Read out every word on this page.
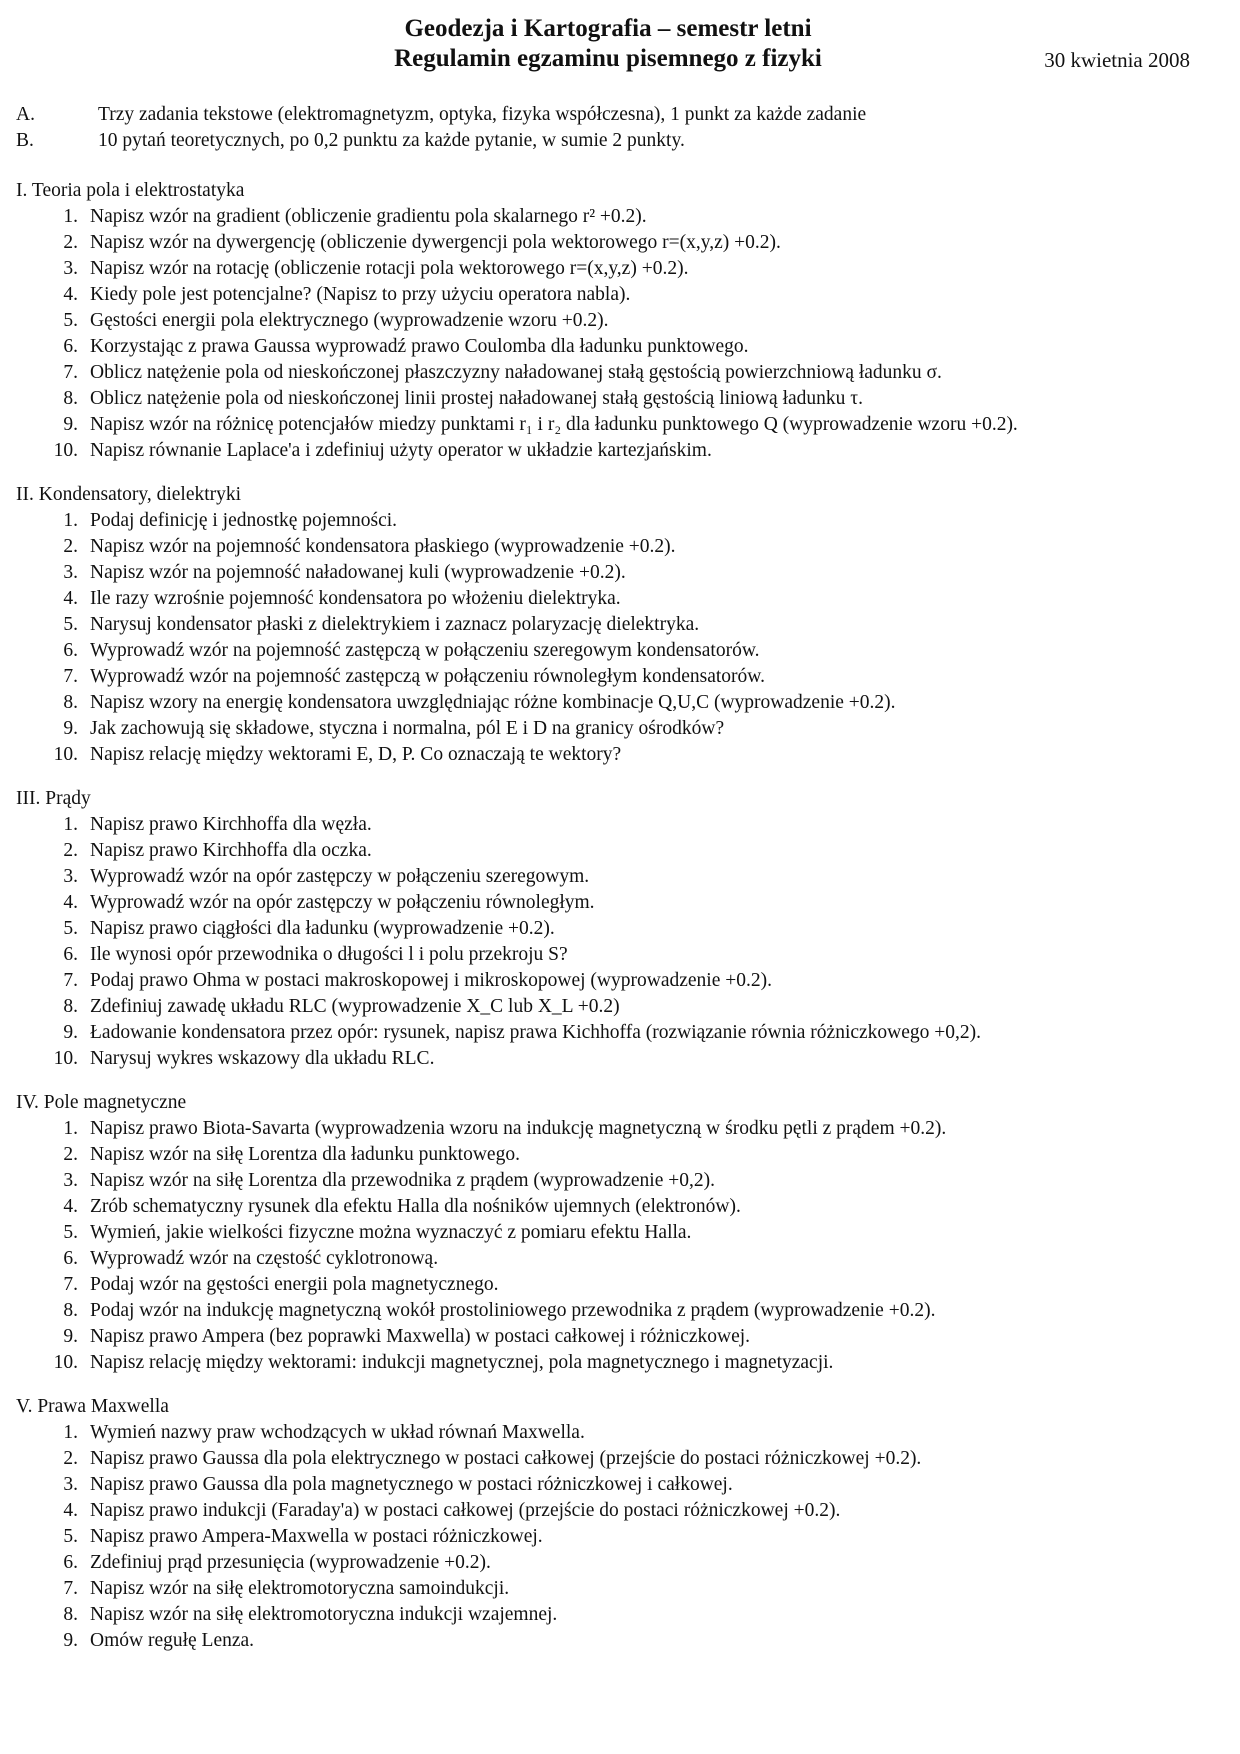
Geodezja i Kartografia – semestr letni
Regulamin egzaminu pisemnego z fizyki	30 kwietnia 2008
A.	Trzy zadania tekstowe (elektromagnetyzm, optyka, fizyka współczesna), 1 punkt za każde zadanie
B.	10 pytań teoretycznych, po 0,2 punktu za każde pytanie, w sumie 2 punkty.
I. Teoria pola i elektrostatyka
1. Napisz wzór na gradient (obliczenie gradientu pola skalarnego r² +0.2).
2. Napisz wzór na dywergencję (obliczenie dywergencji pola wektorowego r=(x,y,z) +0.2).
3. Napisz wzór na rotację (obliczenie rotacji pola wektorowego r=(x,y,z) +0.2).
4. Kiedy pole jest potencjalne? (Napisz to przy użyciu operatora nabla).
5. Gęstości energii pola elektrycznego (wyprowadzenie wzoru +0.2).
6. Korzystając z prawa Gaussa wyprowadź prawo Coulomba dla ładunku punktowego.
7. Oblicz natężenie pola od nieskończonej płaszczyzny naładowanej stałą gęstością powierzchniową ładunku σ.
8. Oblicz natężenie pola od nieskończonej linii prostej naładowanej stałą gęstością liniową ładunku τ.
9. Napisz wzór na różnicę potencjałów miedzy punktami r₁ i r₂ dla ładunku punktowego Q (wyprowadzenie wzoru +0.2).
10. Napisz równanie Laplace'a i zdefiniuj użyty operator w układzie kartezjańskim.
II. Kondensatory, dielektryki
1. Podaj definicję i jednostkę pojemności.
2. Napisz wzór na pojemność kondensatora płaskiego (wyprowadzenie +0.2).
3. Napisz wzór na pojemność naładowanej kuli (wyprowadzenie +0.2).
4. Ile razy wzrośnie pojemność kondensatora po włożeniu dielektryka.
5. Narysuj kondensator płaski z dielektrykiem i zaznacz polaryzację dielektryka.
6. Wyprowadź wzór na pojemność zastępczą w połączeniu szeregowym kondensatorów.
7. Wyprowadź wzór na pojemność zastępczą w połączeniu równoległym kondensatorów.
8. Napisz wzory na energię kondensatora uwzględniając różne kombinacje Q,U,C (wyprowadzenie +0.2).
9. Jak zachowują się składowe, styczna i normalna, pól E i D na granicy ośrodków?
10. Napisz relację między wektorami E, D, P. Co oznaczają te wektory?
III. Prądy
1. Napisz prawo Kirchhoffa dla węzła.
2. Napisz prawo Kirchhoffa dla oczka.
3. Wyprowadź wzór na opór zastępczy w połączeniu szeregowym.
4. Wyprowadź wzór na opór zastępczy w połączeniu równoległym.
5. Napisz prawo ciągłości dla ładunku (wyprowadzenie +0.2).
6. Ile wynosi opór przewodnika o długości l i polu przekroju S?
7. Podaj prawo Ohma w postaci makroskopowej i mikroskopowej (wyprowadzenie +0.2).
8. Zdefiniuj zawadę układu RLC (wyprowadzenie X_C lub X_L +0.2)
9. Ładowanie kondensatora przez opór: rysunek, napisz prawa Kichhoffa (rozwiązanie równia różniczkowego +0,2).
10. Narysuj wykres wskazowy dla układu RLC.
IV. Pole magnetyczne
1. Napisz prawo Biota-Savarta (wyprowadzenia wzoru na indukcję magnetyczną w środku pętli z prądem +0.2).
2. Napisz wzór na siłę Lorentza dla ładunku punktowego.
3. Napisz wzór na siłę Lorentza dla przewodnika z prądem (wyprowadzenie +0,2).
4. Zrób schematyczny rysunek dla efektu Halla dla nośników ujemnych (elektronów).
5. Wymień, jakie wielkości fizyczne można wyznaczyć z pomiaru efektu Halla.
6. Wyprowadź wzór na częstość cyklotronową.
7. Podaj wzór na gęstości energii pola magnetycznego.
8. Podaj wzór na indukcję magnetyczną wokół prostoliniowego przewodnika z prądem (wyprowadzenie +0.2).
9. Napisz prawo Ampera (bez poprawki Maxwella) w postaci całkowej i różniczkowej.
10. Napisz relację między wektorami: indukcji magnetycznej, pola magnetycznego i magnetyzacji.
V. Prawa Maxwella
1. Wymień nazwy praw wchodzących w układ równań Maxwella.
2. Napisz prawo Gaussa dla pola elektrycznego w postaci całkowej (przejście do postaci różniczkowej +0.2).
3. Napisz prawo Gaussa dla pola magnetycznego w postaci różniczkowej i całkowej.
4. Napisz prawo indukcji (Faraday'a) w postaci całkowej (przejście do postaci różniczkowej +0.2).
5. Napisz prawo Ampera-Maxwella w postaci różniczkowej.
6. Zdefiniuj prąd przesunięcia (wyprowadzenie +0.2).
7. Napisz wzór na siłę elektromotoryczna samoindukcji.
8. Napisz wzór na siłę elektromotoryczna indukcji wzajemnej.
9. Omów regułę Lenza.
